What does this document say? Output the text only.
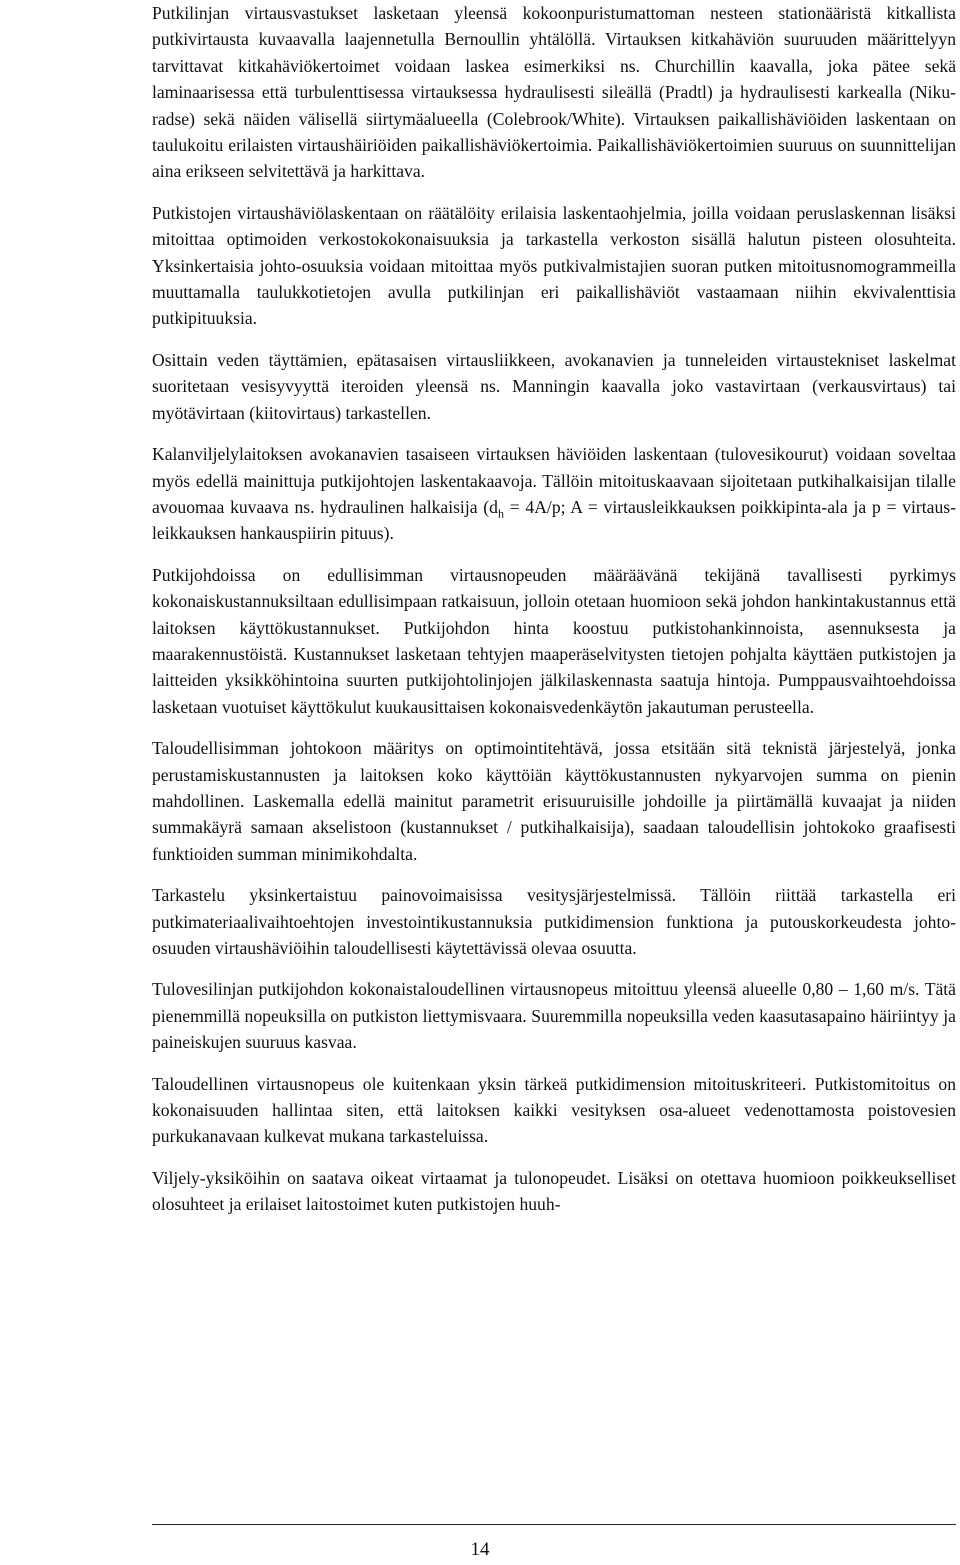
Putkilinjan virtausvastukset lasketaan yleensä kokoonpuristumattoman nesteen stationääristä kitkallista putkivirtausta kuvaavalla laajennetulla Bernoullin yhtälöllä. Virtauksen kitkahäviön suuruuden määrittelyyn tarvittavat kitkahäviökertoimet voidaan laskea esimerkiksi ns. Churchillin kaavalla, joka pätee sekä laminaarisessa että turbulenttisessa virtauksessa hydraulisesti sileällä (Pradtl) ja hydraulisesti karkealla (Nikuradse) sekä näiden välisellä siirtymäalueella (Colebrook/White). Virtauksen paikallishäviöiden laskentaan on taulukoitu erilaisten virtaushäiriöiden paikallishäviökertoimia. Paikallishäviökertoimien suuruus on suunnittelijan aina erikseen selvitettävä ja harkittava.

Putkistojen virtaushäviölaskentaan on räätälöity erilaisia laskentaohjelmia, joilla voidaan peruslaskennan lisäksi mitoittaa optimoiden verkostokokonaisuuksia ja tarkastella verkoston sisällä halutun pisteen olosuhteita. Yksinkertaisia johto-osuuksia voidaan mitoittaa myös putkivalmistajien suoran putken mitoitusnomogrammeilla muuttamalla taulukkotietojen avulla putkilinjan eri paikallishäviöt vastaamaan niihin ekvivalenttisia putkipituuksia.

Osittain veden täyttämien, epätasaisen virtausliikkeen, avokanavien ja tunneleiden virtaustekniset laskelmat suoritetaan vesisyvyyttä iteroiden yleensä ns. Manningin kaavalla joko vastavirtaan (verkausvirtaus) tai myötävirtaan (kiitovirtaus) tarkastellen.

Kalanviljelylaitoksen avokanavien tasaiseen virtauksen häviöiden laskentaan (tulovesikourut) voidaan soveltaa myös edellä mainittuja putkijohtojen laskentakaavoja. Tällöin mitoituskaavaan sijoitetaan putkihalkaisijan tilalle avouomaa kuvaava ns. hydraulinen halkaisija ($d_h = 4A/p$; A = virtausleikkauksen poikkipinta-ala ja p = virtausleikkauksen hankauspiirin pituus).

Putkijohdoissa on edullisimman virtausnopeuden määräävänä tekijänä tavallisesti pyrkimys kokonaiskustannuksiltaan edullisimpaan ratkaisuun, jolloin otetaan huomioon sekä johdon hankintakustannus että laitoksen käyttökustannukset. Putkijohdon hinta koostuu putkistohankinnoista, asennuksesta ja maarakennustöistä. Kustannukset lasketaan tehtyjen maaperäselvitysten tietojen pohjalta käyttäen putkistojen ja laitteiden yksikköhintoina suurten putkijohtolinjojen jälkilaskennasta saatuja hintoja. Pumppausvaihtoehdoissa lasketaan vuotuiset käyttökulut kuukausittaisen kokonaisvedenkäytön jakautuman perusteella.

Taloudellisimman johtokoon määritys on optimointitehtävä, jossa etsitään sitä teknistä järjestelyä, jonka perustamiskustannusten ja laitoksen koko käyttöiän käyttökustannusten nykyarvojen summa on pienin mahdollinen. Laskemalla edellä mainitut parametrit erisuuruisille johdoille ja piirtämällä kuvaajat ja niiden summakäyrä samaan akselistoon (kustannukset / putkihalkaisija), saadaan taloudellisin johtokoko graafisesti funktioiden summan minimikohdalta.

Tarkastelu yksinkertaistuu painovoimaisissa vesitysjärjestelmissä. Tällöin riittää tarkastella eri putkimateriaalivaihtoehtojen investointikustannuksia putkidimension funktiona ja putouskorkeudesta johto-osuuden virtaushäviöihin taloudellisesti käytettävissä olevaa osuutta.

Tulovesilinjan putkijohdon kokonaistaloudellinen virtausnopeus mitoittuu yleensä alueelle 0,80 – 1,60 m/s. Tätä pienemmillä nopeuksilla on putkiston liettymisvaara. Suuremmilla nopeuksilla veden kaasutasapaino häiriintyy ja paineiskujen suuruus kasvaa.

Taloudellinen virtausnopeus ole kuitenkaan yksin tärkeä putkidimension mitoituskriteeri. Putkistomitoitus on kokonaisuuden hallintaa siten, että laitoksen kaikki vesityksen osa-alueet vedenottamosta poistovesien purkukanavaan kulkevat mukana tarkasteluissa.

Viljely-yksiköihin on saatava oikeat virtaamat ja tulonopeudet. Lisäksi on otettava huomioon poikkeukselliset olosuhteet ja erilaiset laitostoimet kuten putkistojen huuh-

14
